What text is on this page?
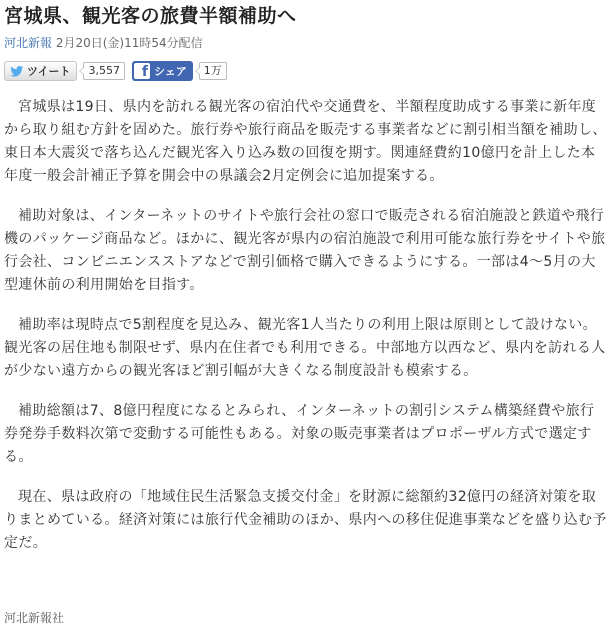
宮城県、観光客の旅費半額補助へ
河北新報 2月20日(金)11時54分配信
ツイート	3,557	f シェア	1万

宮城県は19日、県内を訪れる観光客の宿泊代や交通費を、半額程度助成する事業に新年度から取り組む方針を固めた。旅行券や旅行商品を販売する事業者などに割引相当額を補助し、東日本大震災で落ち込んだ観光客入り込み数の回復を期す。関連経費約10億円を計上した本年度一般会計補正予算を開会中の県議会2月定例会に追加提案する。

補助対象は、インターネットのサイトや旅行会社の窓口で販売される宿泊施設と鉄道や飛行機のパッケージ商品など。ほかに、観光客が県内の宿泊施設で利用可能な旅行券をサイトや旅行会社、コンビニエンスストアなどで割引価格で購入できるようにする。一部は4～5月の大型連休前の利用開始を目指す。

補助率は現時点で5割程度を見込み、観光客1人当たりの利用上限は原則として設けない。観光客の居住地も制限せず、県内在住者でも利用できる。中部地方以西など、県内を訪れる人が少ない遠方からの観光客ほど割引幅が大きくなる制度設計も模索する。

補助総額は7、8億円程度になるとみられ、インターネットの割引システム構築経費や旅行券発券手数料次第で変動する可能性もある。対象の販売事業者はプロポーザル方式で選定する。

現在、県は政府の「地域住民生活緊急支援交付金」を財源に総額約32億円の経済対策を取りまとめている。経済対策には旅行代金補助のほか、県内への移住促進事業などを盛り込む予定だ。

河北新報社
